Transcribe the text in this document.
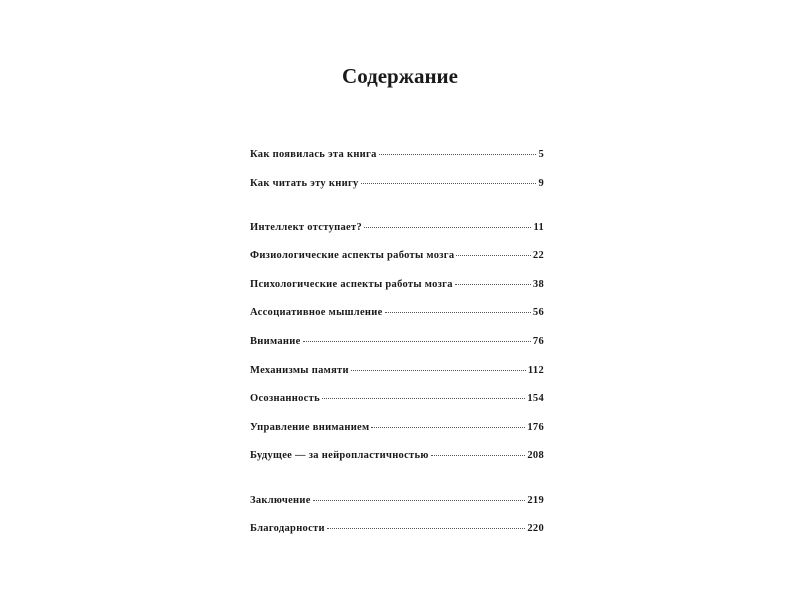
Содержание
Как появилась эта книга	5
Как читать эту книгу	9
Интеллект отступает?	11
Физиологические аспекты работы мозга	22
Психологические аспекты работы мозга	38
Ассоциативное мышление	56
Внимание	76
Механизмы памяти	112
Осознанность	154
Управление вниманием	176
Будущее — за нейропластичностью	208
Заключение	219
Благодарности	220
